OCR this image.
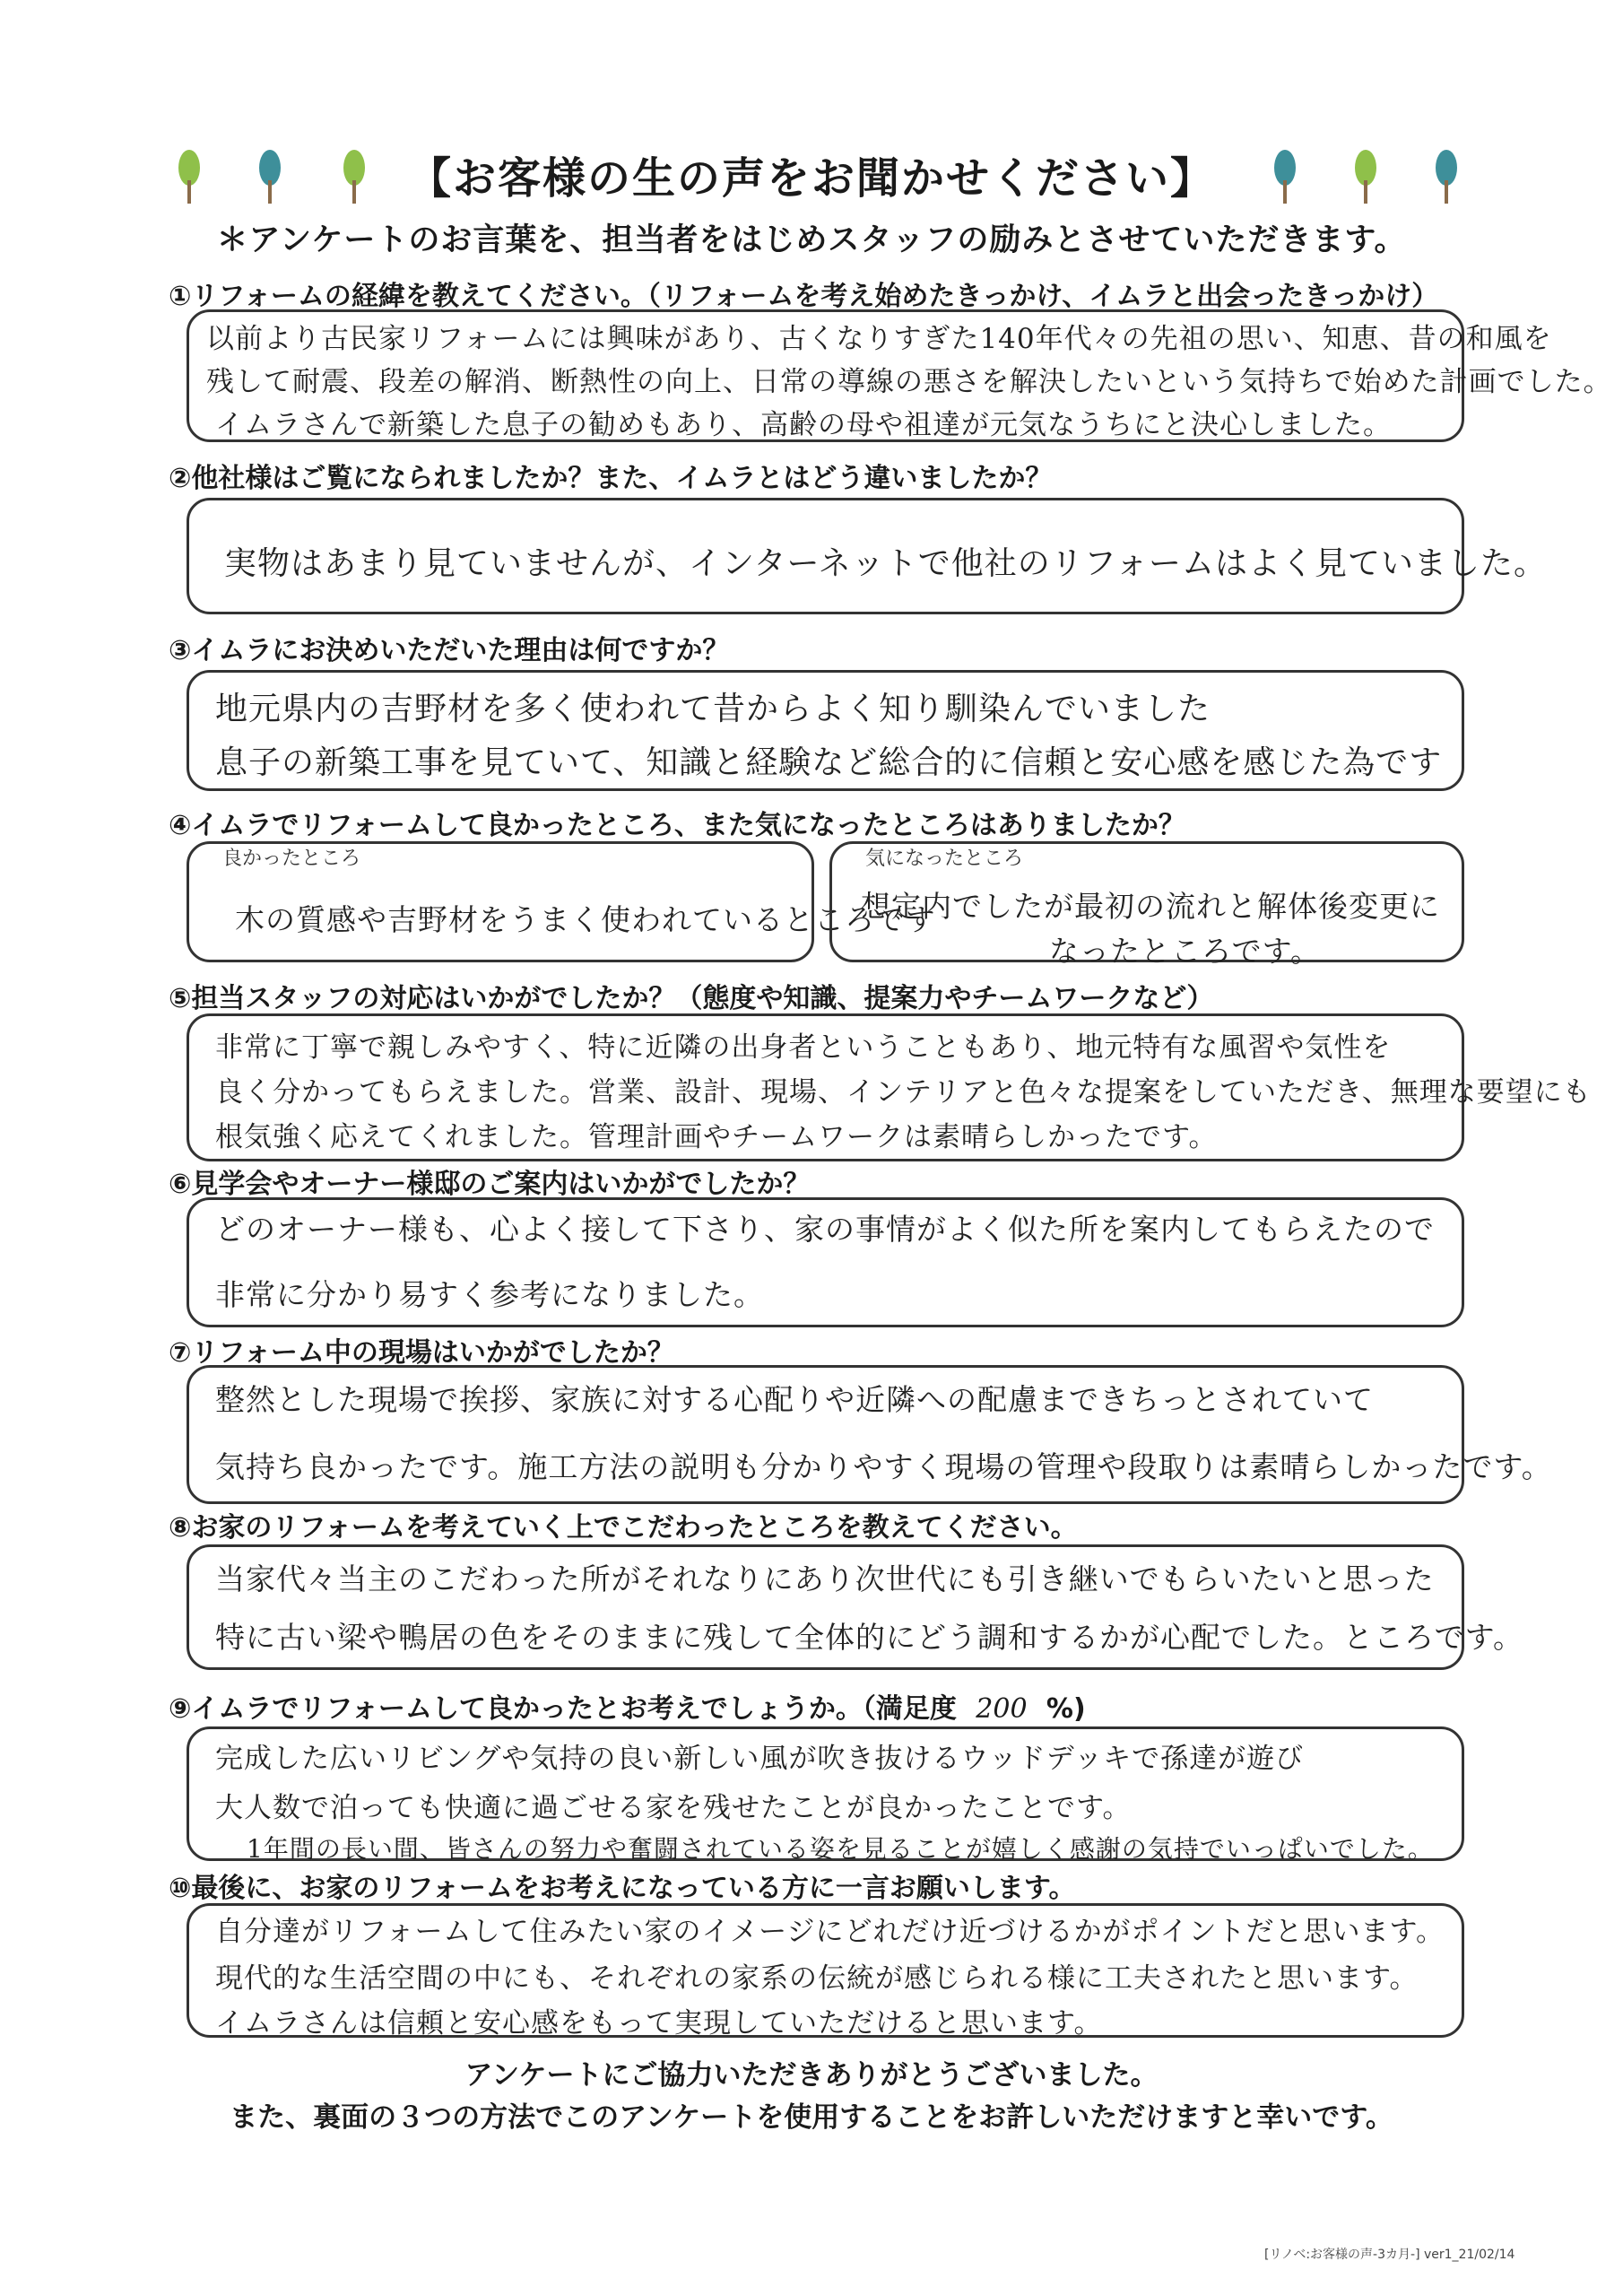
【お客様の生の声をお聞かせください】
＊アンケートのお言葉を、担当者をはじめスタッフの励みとさせていただきます。
①リフォームの経緯を教えてください。（リフォームを考え始めたきっかけ、イムラと出会ったきっかけ）
以前より古民家リフォームには興味があり、古くなりすぎた140年代々の先祖の思い、知恵、昔の和風を
残して耐震、段差の解消、断熱性の向上、日常の導線の悪さを解決したいという気持ちで始めた計画でした。
イムラさんで新築した息子の勧めもあり、高齢の母や祖達が元気なうちにと決心しました。
②他社様はご覧になられましたか？また、イムラとはどう違いましたか？
実物はあまり見ていませんが、インターネットで他社のリフォームはよく見ていました。
③イムラにお決めいただいた理由は何ですか？
地元県内の吉野材を多く使われて昔からよく知り馴染んでいました
息子の新築工事を見ていて、知識と経験など総合的に信頼と安心感を感じた為です
④イムラでリフォームして良かったところ、また気になったところはありましたか？
良かったところ
木の質感や吉野材をうまく使われているところです
気になったところ
想定内でしたが最初の流れと解体後変更に
なったところです。
⑤担当スタッフの対応はいかがでしたか？（態度や知識、提案力やチームワークなど）
非常に丁寧で親しみやすく、特に近隣の出身者ということもあり、地元特有な風習や気性を
良く分かってもらえました。営業、設計、現場、インテリアと色々な提案をしていただき、無理な要望にも
根気強く応えてくれました。管理計画やチームワークは素晴らしかったです。
⑥見学会やオーナー様邸のご案内はいかがでしたか？
どのオーナー様も、心よく接して下さり、家の事情がよく似た所を案内してもらえたので
非常に分かり易すく参考になりました。
⑦リフォーム中の現場はいかがでしたか？
整然とした現場で挨拶、家族に対する心配りや近隣への配慮まできちっとされていて
気持ち良かったです。施工方法の説明も分かりやすく現場の管理や段取りは素晴らしかったです。
⑧お家のリフォームを考えていく上でこだわったところを教えてください。
当家代々当主のこだわった所がそれなりにあり次世代にも引き継いでもらいたいと思った
特に古い梁や鴨居の色をそのままに残して全体的にどう調和するかが心配でした。ところです。
⑨イムラでリフォームして良かったとお考えでしょうか。（満足度 200 %)
完成した広いリビングや気持の良い新しい風が吹き抜けるウッドデッキで孫達が遊び
大人数で泊っても快適に過ごせる家を残せたことが良かったことです。
1年間の長い間、皆さんの努力や奮闘されている姿を見ることが嬉しく感謝の気持でいっぱいでした。
⑩最後に、お家のリフォームをお考えになっている方に一言お願いします。
自分達がリフォームして住みたい家のイメージにどれだけ近づけるかがポイントだと思います。
現代的な生活空間の中にも、それぞれの家系の伝統が感じられる様に工夫されたと思います。
イムラさんは信頼と安心感をもって実現していただけると思います。
アンケートにご協力いただきありがとうございました。
また、裏面の３つの方法でこのアンケートを使用することをお許しいただけますと幸いです。
[リノベ:お客様の声-3カ月-] ver1_21/02/14
